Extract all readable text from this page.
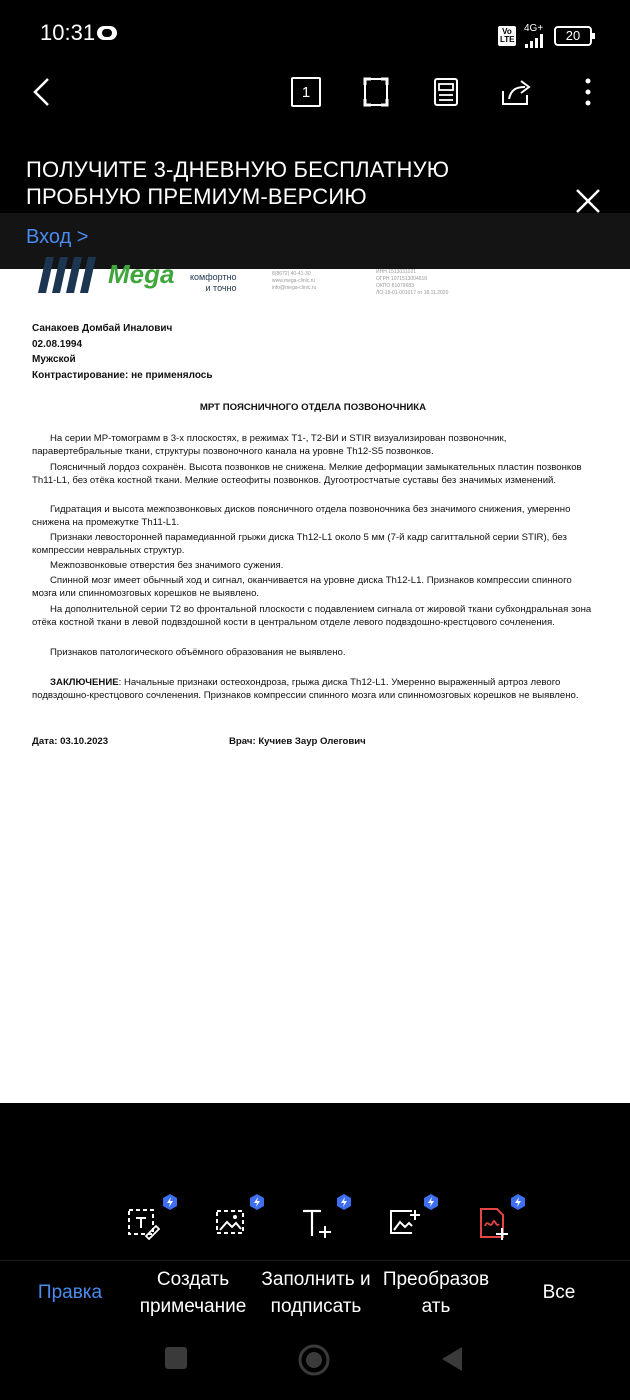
10:31	Vo LTE
4G+	20
1
ПОЛУЧИТЕ 3-ДНЕВНУЮ БЕСПЛАТНУЮ
ПРОБНУЮ ПРЕМИУМ-ВЕРСИЮ
Вход >
Mega комфортно
и точно
8(8672) 40-41-30
www.mega-clinic.ru
info@mega-clinic.ru
ИНН 1513031021
ОГРН 1071513004618
ОКПО 81079683
ЛО-15-01-001017 от 18.11.2020
Санакоев Домбай Иналович
02.08.1994
Мужской
Контрастирование: не применялось
МРТ ПОЯСНИЧНОГО ОТДЕЛА ПОЗВОНОЧНИКА
На серии МР-томограмм в 3-х плоскостях, в режимах T1-, T2-ВИ и STIR визуализирован позвоночник, паравертебральные ткани, структуры позвоночного канала на уровне Th12-S5 позвонков.
Поясничный лордоз сохранён. Высота позвонков не снижена. Мелкие деформации замыкательных пластин позвонков Th11-L1, без отёка костной ткани. Мелкие остеофиты позвонков. Дугоотростчатые суставы без значимых изменений.
Гидратация и высота межпозвонковых дисков поясничного отдела позвоночника без значимого снижения, умеренно снижена на промежутке Th11-L1.
Признаки левосторонней парамедианной грыжи диска Th12-L1 около 5 мм (7-й кадр сагиттальной серии STIR), без компрессии невральных структур.
Межпозвонковые отверстия без значимого сужения.
Спинной мозг имеет обычный ход и сигнал, оканчивается на уровне диска Th12-L1. Признаков компрессии спинного мозга или спинномозговых корешков не выявлено.
На дополнительной серии T2 во фронтальной плоскости с подавлением сигнала от жировой ткани субхондральная зона отёка костной ткани в левой подвздошной кости в центральном отделе левого подвздошно-крестцового сочленения.
Признаков патологического объёмного образования не выявлено.
ЗАКЛЮЧЕНИЕ: Начальные признаки остеохондроза, грыжа диска Th12-L1. Умеренно выраженный артроз левого подвздошно-крестцового сочленения. Признаков компрессии спинного мозга или спинномозговых корешков не выявлено.
Дата: 03.10.2023	Врач: Кучиев Заур Олегович
Правка
Создать
примечание
Заполнить и
подписать
Преобразов
ать
Все
